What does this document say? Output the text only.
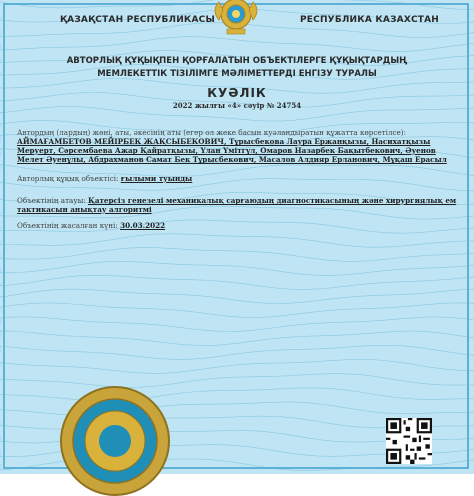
ҚАЗАҚСТАН РЕСПУБЛИКАСЫ	РЕСПУБЛИКА КАЗАХСТАН
АВТОРЛЫҚ ҚҰҚЫҚПЕН ҚОРҒАЛАТЫН ОБЪЕКТІЛЕРГЕ ҚҰҚЫҚТАРДЫҢ
МЕМЛЕКЕТТІК ТІЗІЛІМГЕ МӘЛІМЕТТЕРДІ ЕНГІЗУ ТУРАЛЫ
КУӘЛІК
2022 жылғы «4» сәуір № 24754
Автордың (лардың) жөні, аты, әкесінің аты (егер ол жеке басын куәландыратын құжатта көрсетілсе):
АЙМАҒАМБЕТОВ МЕЙІРБЕК ЖАҚСЫБЕКОВИЧ, Тұрысбекова Лаура Ержанқызы, Насихатқызы Меруерт, Сәрсембаева Ажар Қайратқызы, Үлан Үмітгүл, Омаров Назарбек Бақытбекович, Әуенов Мелет Әуенұлы, Абдрахманов Самат Бек Тұрысбекович, Масалов Алдияр Ерланович, Мұқаш Ерасыл
Авторлық құқық объектісі: ғылыми туынды
Объектінің атауы: Қатерсіз генезелі механикалық сарғаюдың диагностикасының және хирургиялық ем тактикасын анықтау алгоритмі
Объектінің жасалған күні: 30.03.2022
